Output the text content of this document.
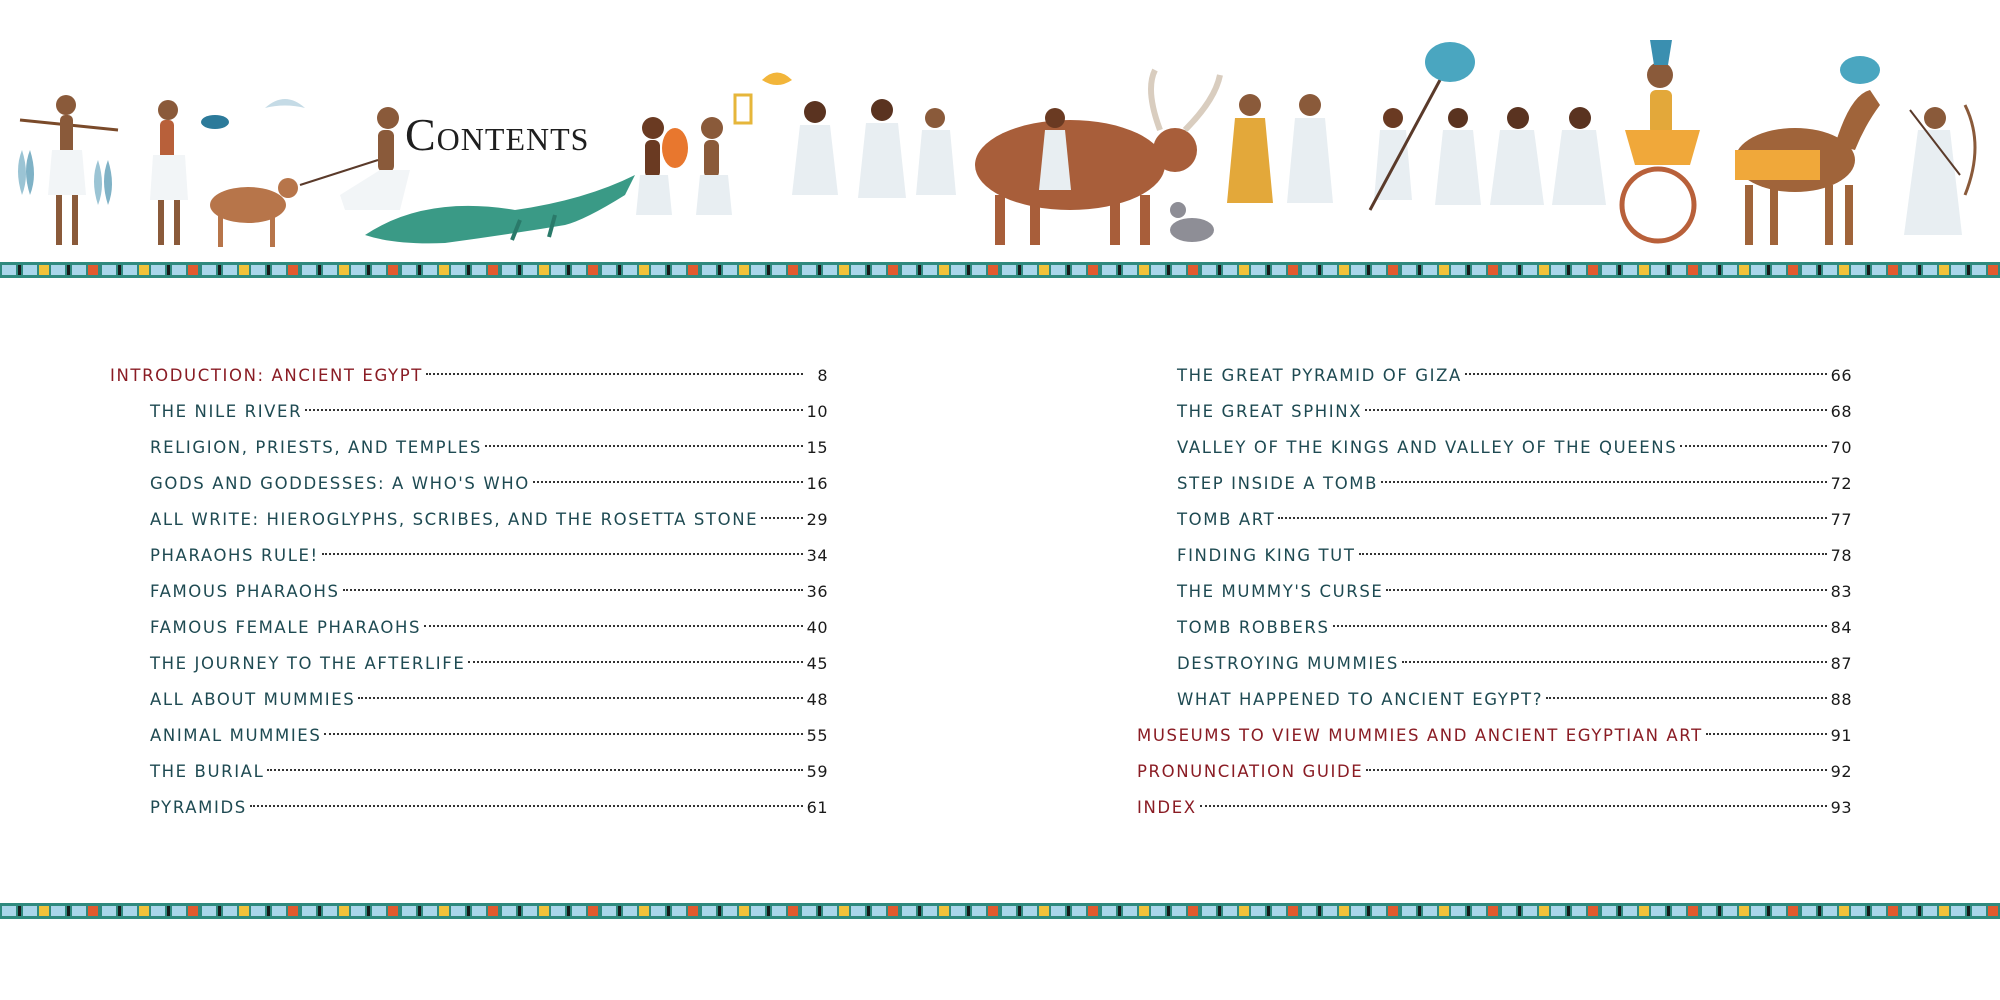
Contents
INTRODUCTION: ANCIENT EGYPT	8
THE NILE RIVER	10
RELIGION, PRIESTS, AND TEMPLES	15
GODS AND GODDESSES: A WHO'S WHO	16
ALL WRITE: HIEROGLYPHS, SCRIBES, AND THE ROSETTA STONE	29
PHARAOHS RULE!	34
FAMOUS PHARAOHS	36
FAMOUS FEMALE PHARAOHS	40
THE JOURNEY TO THE AFTERLIFE	45
ALL ABOUT MUMMIES	48
ANIMAL MUMMIES	55
THE BURIAL	59
PYRAMIDS	61
THE GREAT PYRAMID OF GIZA	66
THE GREAT SPHINX	68
VALLEY OF THE KINGS AND VALLEY OF THE QUEENS	70
STEP INSIDE A TOMB	72
TOMB ART	77
FINDING KING TUT	78
THE MUMMY'S CURSE	83
TOMB ROBBERS	84
DESTROYING MUMMIES	87
WHAT HAPPENED TO ANCIENT EGYPT?	88
MUSEUMS TO VIEW MUMMIES AND ANCIENT EGYPTIAN ART	91
PRONUNCIATION GUIDE	92
INDEX	93
